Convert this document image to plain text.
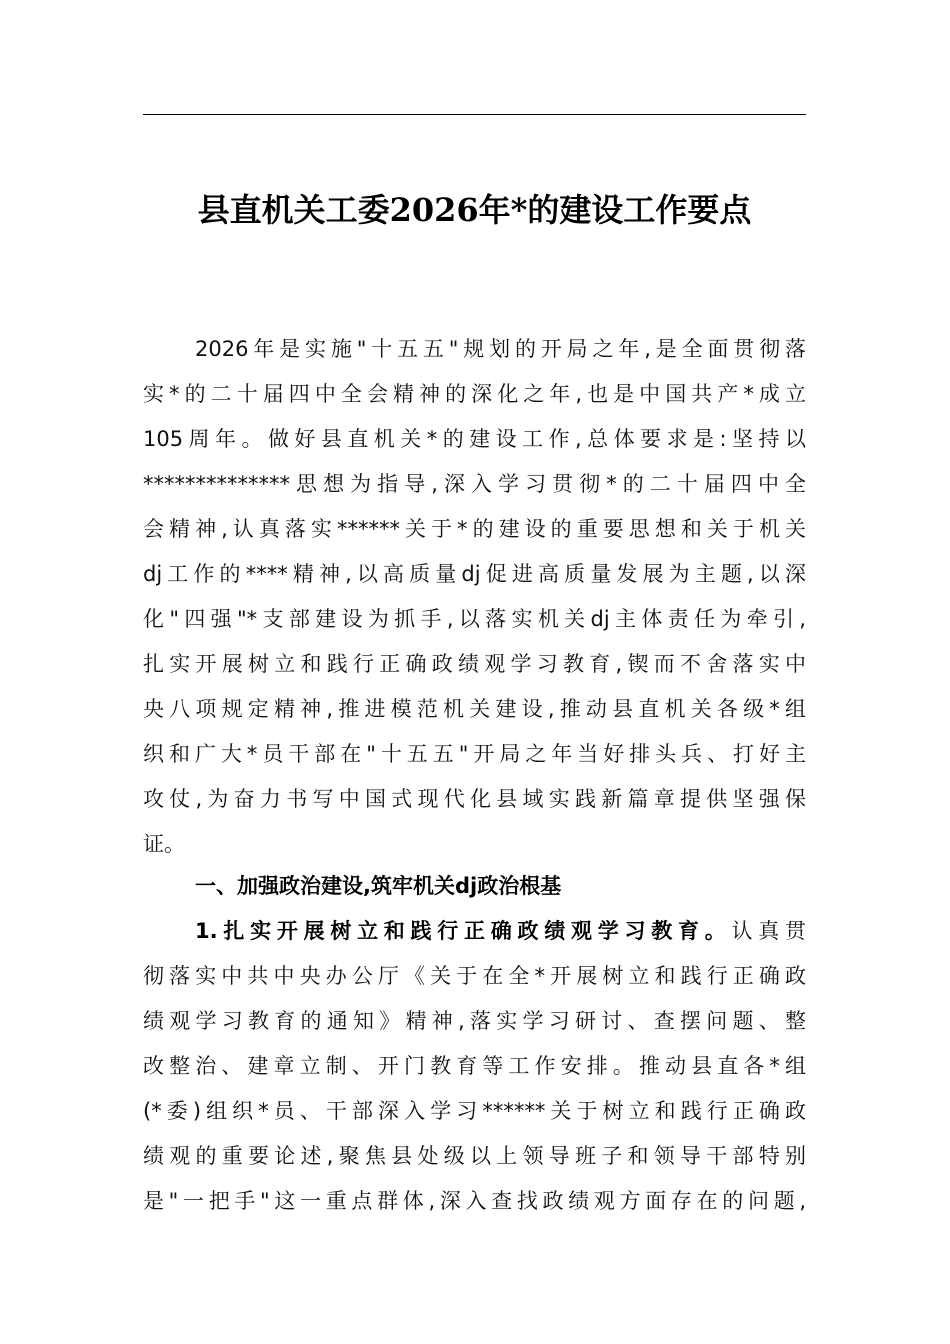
县直机关工委2026年*的建设工作要点
2026年是实施"十五五"规划的开局之年,是全面贯彻落
实*的二十届四中全会精神的深化之年,也是中国共产*成立
105周年。做好县直机关*的建设工作,总体要求是:坚持以
**************思想为指导,深入学习贯彻*的二十届四中全
会精神,认真落实******关于*的建设的重要思想和关于机关
dj工作的****精神,以高质量dj促进高质量发展为主题,以深
化"四强"*支部建设为抓手,以落实机关dj主体责任为牵引,
扎实开展树立和践行正确政绩观学习教育,锲而不舍落实中
央八项规定精神,推进模范机关建设,推动县直机关各级*组
织和广大*员干部在"十五五"开局之年当好排头兵、打好主
攻仗,为奋力书写中国式现代化县域实践新篇章提供坚强保
证。
一、加强政治建设,筑牢机关dj政治根基
1.扎实开展树立和践行正确政绩观学习教育。认真贯
彻落实中共中央办公厅《关于在全*开展树立和践行正确政
绩观学习教育的通知》精神,落实学习研讨、查摆问题、整
改整治、建章立制、开门教育等工作安排。推动县直各*组
(*委)组织*员、干部深入学习******关于树立和践行正确政
绩观的重要论述,聚焦县处级以上领导班子和领导干部特别
是"一把手"这一重点群体,深入查找政绩观方面存在的问题,
